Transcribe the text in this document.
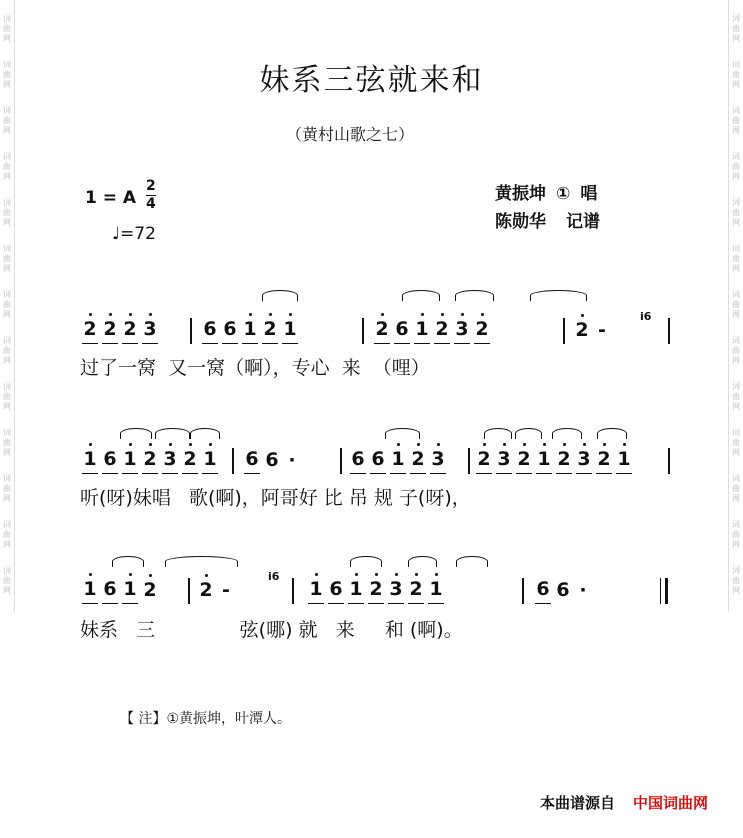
词
曲
网
词
曲
网
词
曲
网
词
曲
网
词
曲
网
词
曲
网
词
曲
网
词
曲
网
词
曲
网
词
曲
网
词
曲
网
词
曲
网
词
曲
网
词
曲
网
词
曲
网
词
曲
网
词
曲
网
词
曲
网
词
曲
网
词
曲
网
词
曲
网
词
曲
网
词
曲
网
词
曲
网
词
曲
网
词
曲
网
妹系三弦就来和
（黄村山歌之七）
1 = A
2
4
♩=72
黄振坤 ① 唱
陈勋华 记谱
2 2 2 3 6 6 1 2 1	2 6 1 2 3 2	2 -
i6
1 6 1 2 3 2 1 6 6 ·	6 6 1 2 3 2 3 2 1 2 3 2 1
1 6 1 2 2 -	1 6 1 2 3 2 1	6 6 ·
i6
过了一窝  又一窝（啊），专心  来  （哩）
听(呀)妹唱   歌(啊)，阿哥好 比 吊 规 子(呀)，
妹系   三              弦(哪) 就   来     和 (啊)。
【 注】①黄振坤，叶潭人。
本曲谱源自 中国词曲网
